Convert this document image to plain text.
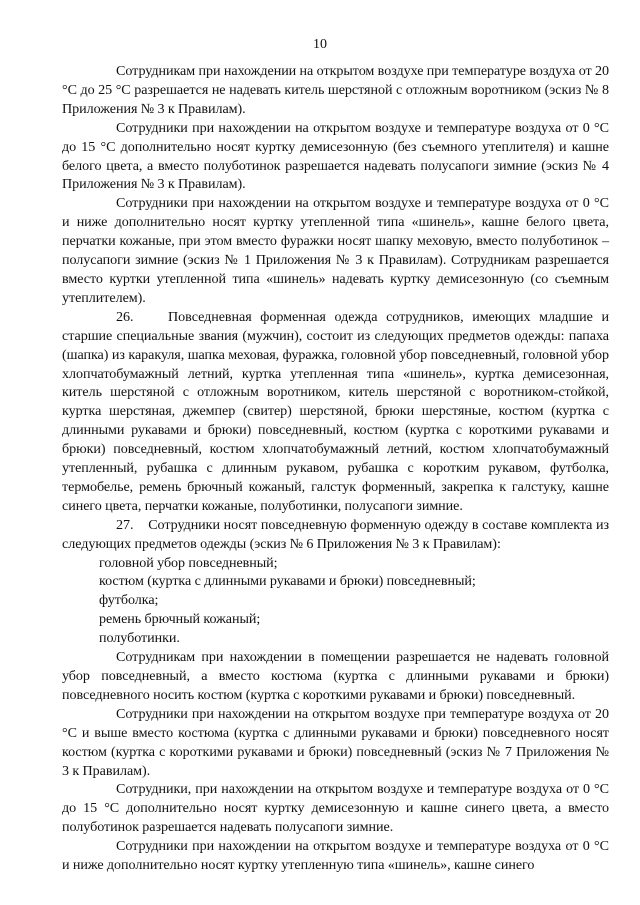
10

Сотрудникам при нахождении на открытом воздухе при температуре воздуха от 20 °С до 25 °С разрешается не надевать китель шерстяной с отложным воротником (эскиз № 8 Приложения № 3 к Правилам).

Сотрудники при нахождении на открытом воздухе и температуре воздуха от 0 °С до 15 °С дополнительно носят куртку демисезонную (без съемного утеплителя) и кашне белого цвета, а вместо полуботинок разрешается надевать полусапоги зимние (эскиз № 4 Приложения № 3 к Правилам).

Сотрудники при нахождении на открытом воздухе и температуре воздуха от 0 °С и ниже дополнительно носят куртку утепленной типа «шинель», кашне белого цвета, перчатки кожаные, при этом вместо фуражки носят шапку меховую, вместо полуботинок – полусапоги зимние (эскиз № 1 Приложения № 3 к Правилам). Сотрудникам разрешается вместо куртки утепленной типа «шинель» надевать куртку демисезонную (со съемным утеплителем).

26.    Повседневная форменная одежда сотрудников, имеющих младшие и старшие специальные звания (мужчин), состоит из следующих предметов одежды: папаха (шапка) из каракуля, шапка меховая, фуражка, головной убор повседневный, головной убор хлопчатобумажный летний, куртка утепленная типа «шинель», куртка демисезонная, китель шерстяной с отложным воротником, китель шерстяной с воротником-стойкой, куртка шерстяная, джемпер (свитер) шерстяной, брюки шерстяные, костюм (куртка с длинными рукавами и брюки) повседневный, костюм (куртка с короткими рукавами и брюки) повседневный, костюм хлопчатобумажный летний, костюм хлопчатобумажный утепленный, рубашка с длинным рукавом, рубашка с коротким рукавом, футболка, термобелье, ремень брючный кожаный, галстук форменный, закрепка к галстуку, кашне синего цвета, перчатки кожаные, полуботинки, полусапоги зимние.

27.    Сотрудники носят повседневную форменную одежду в составе комплекта из следующих предметов одежды (эскиз № 6 Приложения № 3 к Правилам):

головной убор повседневный;
костюм (куртка с длинными рукавами и брюки) повседневный;
футболка;
ремень брючный кожаный;
полуботинки.

Сотрудникам при нахождении в помещении разрешается не надевать головной убор повседневный, а вместо костюма (куртка с длинными рукавами и брюки) повседневного носить костюм (куртка с короткими рукавами и брюки) повседневный.

Сотрудники при нахождении на открытом воздухе при температуре воздуха от 20 °С и выше вместо костюма (куртка с длинными рукавами и брюки) повседневного носят костюм (куртка с короткими рукавами и брюки) повседневный (эскиз № 7 Приложения № 3 к Правилам).

Сотрудники, при нахождении на открытом воздухе и температуре воздуха от 0 °С до 15 °С дополнительно носят куртку демисезонную и кашне синего цвета, а вместо полуботинок разрешается надевать полусапоги зимние.

Сотрудники при нахождении на открытом воздухе и температуре воздуха от 0 °С и ниже дополнительно носят куртку утепленную типа «шинель», кашне синего
